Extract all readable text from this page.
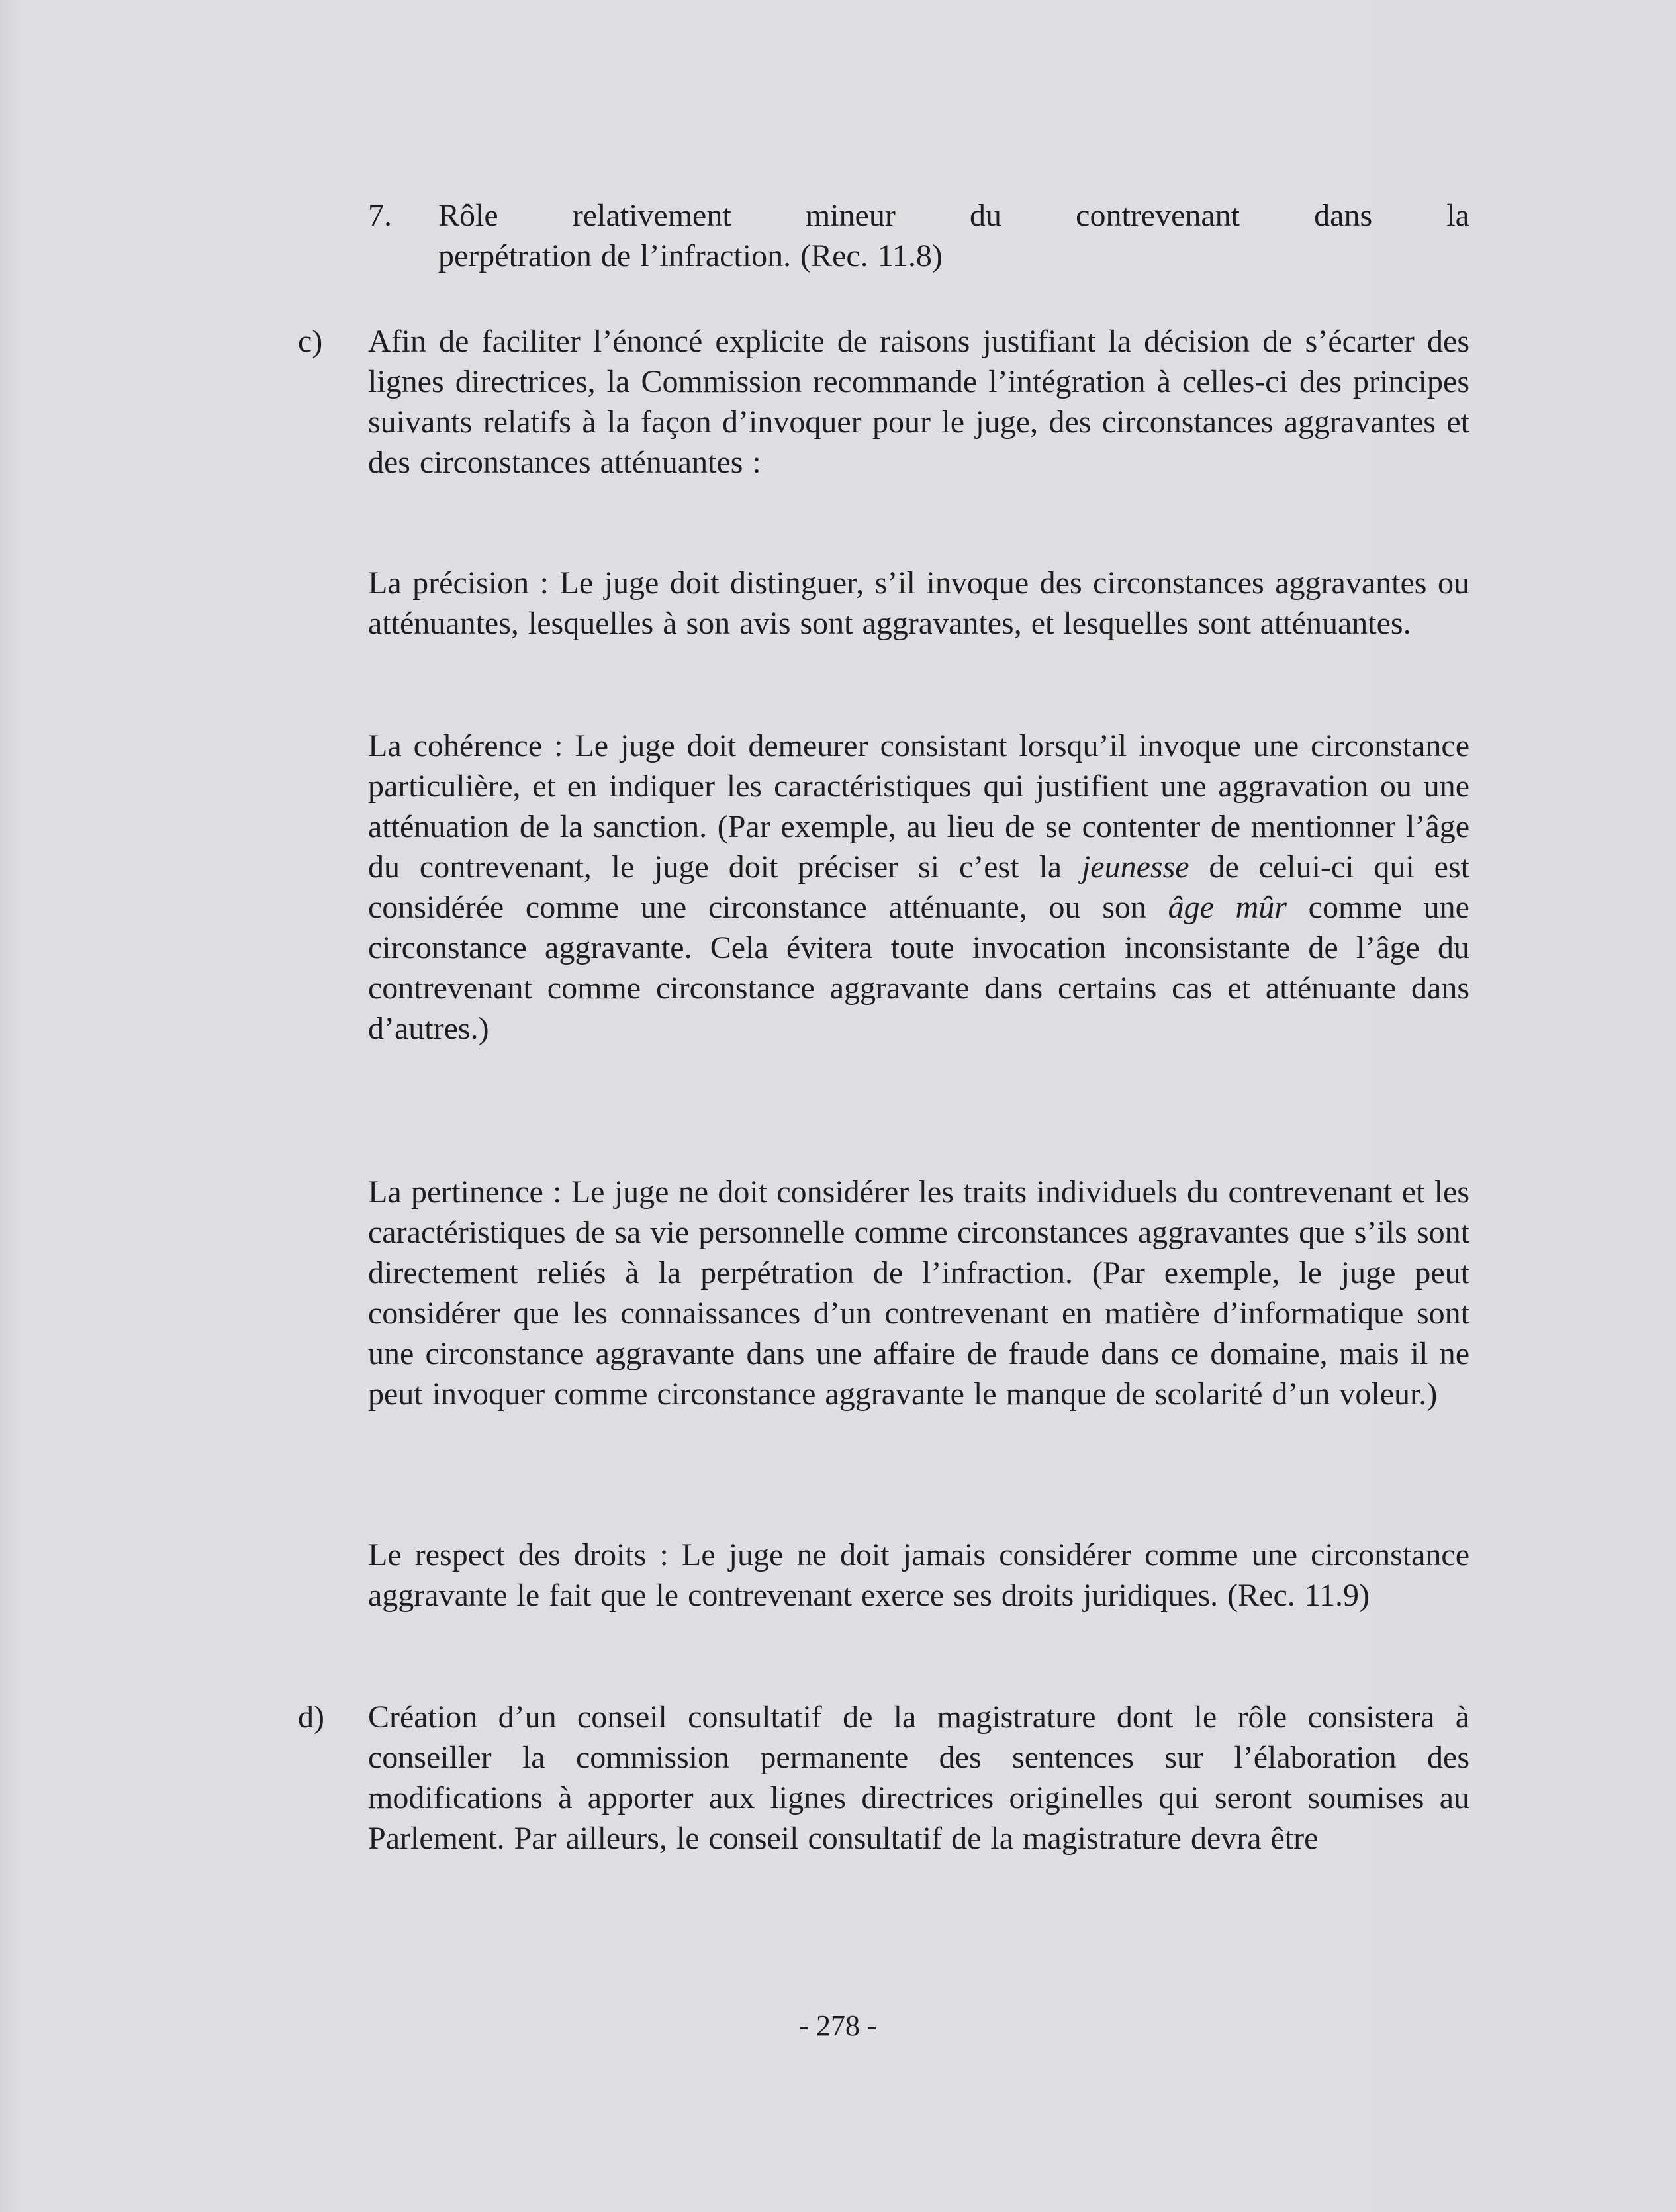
7. Rôle relativement mineur du contrevenant dans la
perpétration de l’infraction. (Rec. 11.8)
c) Afin de faciliter l’énoncé explicite de raisons justifiant la décision de s’écarter des lignes directrices, la Commission recommande l’intégration à celles-ci des principes suivants relatifs à la façon d’invoquer pour le juge, des circonstances aggravantes et des circonstances atténuantes :
La précision : Le juge doit distinguer, s’il invoque des circonstances aggravantes ou atténuantes, lesquelles à son avis sont aggravantes, et lesquelles sont atténuantes.
La cohérence : Le juge doit demeurer consistant lorsqu’il invoque une circonstance particulière, et en indiquer les caractéristiques qui justifient une aggravation ou une atténuation de la sanction. (Par exemple, au lieu de se contenter de mentionner l’âge du contrevenant, le juge doit préciser si c’est la jeunesse de celui-ci qui est considérée comme une circonstance atténuante, ou son âge mûr comme une circonstance aggravante. Cela évitera toute invocation inconsistante de l’âge du contrevenant comme circonstance aggravante dans certains cas et atténuante dans d’autres.)
La pertinence : Le juge ne doit considérer les traits individuels du contrevenant et les caractéristiques de sa vie personnelle comme circonstances aggravantes que s’ils sont directement reliés à la perpétration de l’infraction. (Par exemple, le juge peut considérer que les connaissances d’un contrevenant en matière d’informatique sont une circonstance aggravante dans une affaire de fraude dans ce domaine, mais il ne peut invoquer comme circonstance aggravante le manque de scolarité d’un voleur.)
Le respect des droits : Le juge ne doit jamais considérer comme une circonstance aggravante le fait que le contrevenant exerce ses droits juridiques. (Rec. 11.9)
d) Création d’un conseil consultatif de la magistrature dont le rôle consistera à conseiller la commission permanente des sentences sur l’élaboration des modifications à apporter aux lignes directrices originelles qui seront soumises au Parlement. Par ailleurs, le conseil consultatif de la magistrature devra être
- 278 -
